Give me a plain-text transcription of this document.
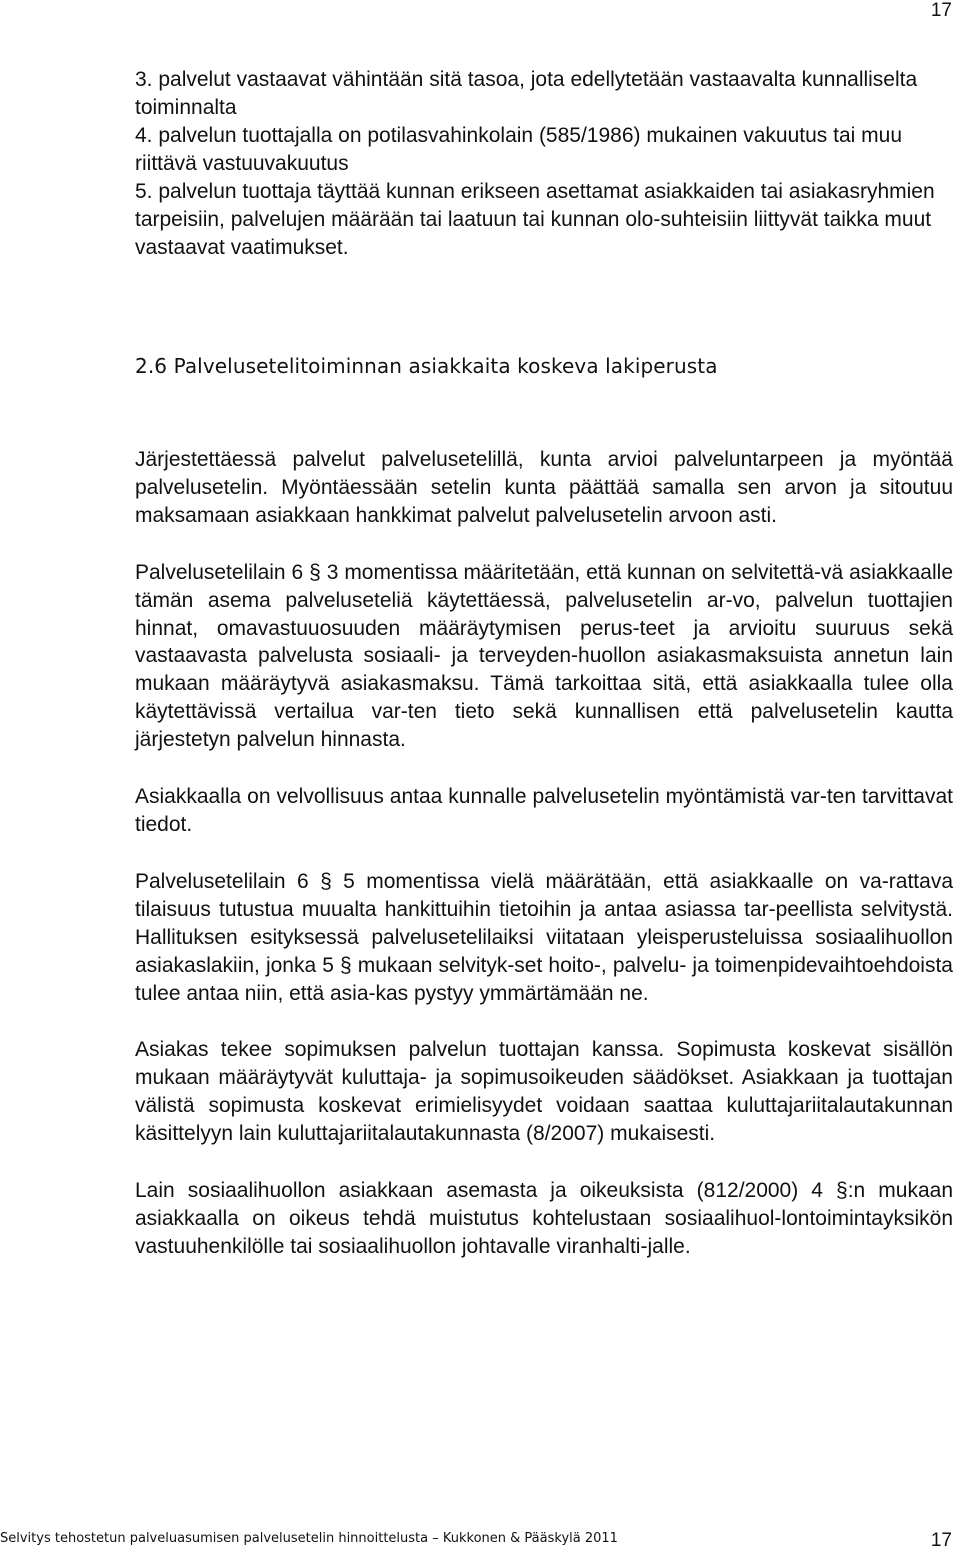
17

3. palvelut vastaavat vähintään sitä tasoa, jota edellytetään vastaavalta kunnalliselta toiminnalta

4. palvelun tuottajalla on potilasvahinkolain (585/1986) mukainen vakuutus tai muu riittävä vastuuvakuutus

5. palvelun tuottaja täyttää kunnan erikseen asettamat asiakkaiden tai asiakasryhmien tarpeisiin, palvelujen määrään tai laatuun tai kunnan olo-suhteisiin liittyvät taikka muut vastaavat vaatimukset.

2.6 Palvelusetelitoiminnan asiakkaita koskeva lakiperusta

Järjestettäessä palvelut palvelusetelillä, kunta arvioi palveluntarpeen ja myöntää palvelusetelin. Myöntäessään setelin kunta päättää samalla sen arvon ja sitoutuu maksamaan asiakkaan hankkimat palvelut palvelusetelin arvoon asti.

Palvelusetelilain 6 § 3 momentissa määritetään, että kunnan on selvitettä-vä asiakkaalle tämän asema palveluseteliä käytettäessä, palvelusetelin ar-vo, palvelun tuottajien hinnat, omavastuuosuuden määräytymisen perus-teet ja arvioitu suuruus sekä vastaavasta palvelusta sosiaali- ja terveyden-huollon asiakasmaksuista annetun lain mukaan määräytyvä asiakasmaksu. Tämä tarkoittaa sitä, että asiakkaalla tulee olla käytettävissä vertailua var-ten tieto sekä kunnallisen että palvelusetelin kautta järjestetyn palvelun hinnasta.

Asiakkaalla on velvollisuus antaa kunnalle palvelusetelin myöntämistä var-ten tarvittavat tiedot.

Palvelusetelilain 6 § 5 momentissa vielä määrätään, että asiakkaalle on va-rattava tilaisuus tutustua muualta hankittuihin tietoihin ja antaa asiassa tar-peellista selvitystä. Hallituksen esityksessä palvelusetelilaiksi viitataan yleisperusteluissa sosiaalihuollon asiakaslakiin, jonka 5 § mukaan selvityk-set hoito-, palvelu- ja toimenpidevaihtoehdoista tulee antaa niin, että asia-kas pystyy ymmärtämään ne.

Asiakas tekee sopimuksen palvelun tuottajan kanssa. Sopimusta koskevat sisällön mukaan määräytyvät kuluttaja- ja sopimusoikeuden säädökset. Asiakkaan ja tuottajan välistä sopimusta koskevat erimielisyydet voidaan saattaa kuluttajariitalautakunnan käsittelyyn lain kuluttajariitalautakunnasta (8/2007) mukaisesti.

Lain sosiaalihuollon asiakkaan asemasta ja oikeuksista (812/2000) 4 §:n mukaan asiakkaalla on oikeus tehdä muistutus kohtelustaan sosiaalihuol-lontoimintayksikön vastuuhenkilölle tai sosiaalihuollon johtavalle viranhalti-jalle.

Selvitys tehostetun palveluasumisen palvelusetelin hinnoittelusta – Kukkonen & Pääskylä 2011	17
